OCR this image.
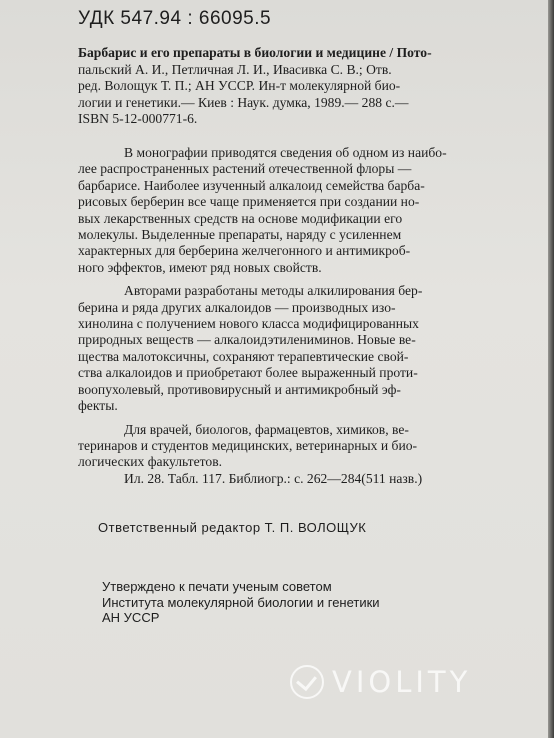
УДК 547.94 : 66095.5
Барбарис и его препараты в биологии и медицине / Пото-
пальский А. И., Петличная Л. И., Ивасивка С. В.; Отв.
ред. Волощук Т. П.; АН УССР. Ин-т молекулярной био-
логии и генетики.— Киев : Наук. думка, 1989.— 288 с.—
ISBN 5-12-000771-6.
В монографии приводятся сведения об одном из наибо-
лее распространенных растений отечественной флоры —
барбарисе. Наиболее изученный алкалоид семейства барба-
рисовых берберин все чаще применяется при создании но-
вых лекарственных средств на основе модификации его
молекулы. Выделенные препараты, наряду с усиленнем
характерных для берберина желчегонного и антимикроб-
ного эффектов, имеют ряд новых свойств.
Авторами разработаны методы алкилирования бер-
берина и ряда других алкалоидов — производных изо-
хинолина с получением нового класса модифицированных
природных веществ — алкалоидэтилениминов. Новые ве-
щества малотоксичны, сохраняют терапевтические свой-
ства алкалоидов и приобретают более выраженный проти-
воопухолевый, противовирусный и антимикробный эф-
фекты.
Для врачей, биологов, фармацевтов, химиков, ве-
теринаров и студентов медицинских, ветеринарных и био-
логических факультетов.
Ил. 28. Табл. 117. Библиогр.: с. 262—284(511 назв.)
Ответственный редактор Т. П. ВОЛОЩУК
Утверждено к печати ученым советом
Института молекулярной биологии и генетики
АН УССР
VIOLITY
